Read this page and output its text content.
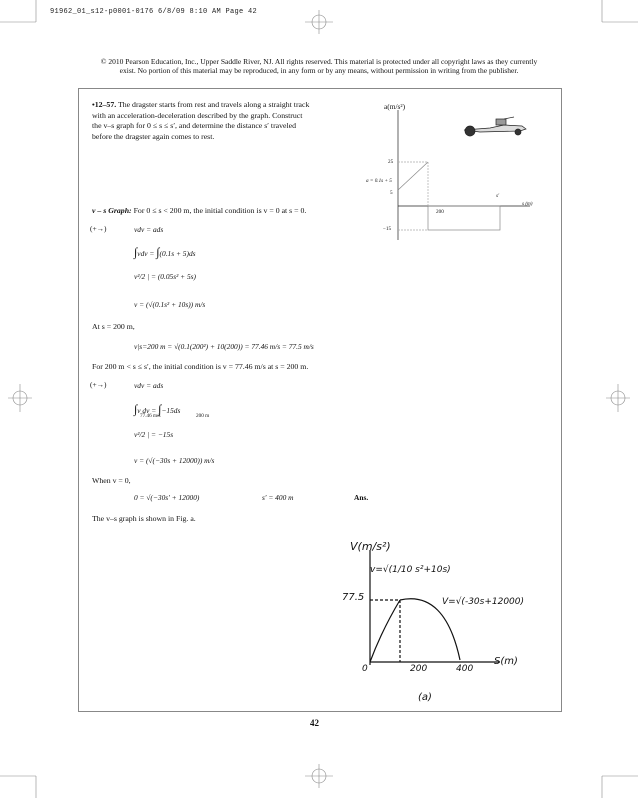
91962_01_s12-p0001-0176 6/8/09 8:10 AM Page 42
© 2010 Pearson Education, Inc., Upper Saddle River, NJ. All rights reserved. This material is protected under all copyright laws as they currently
exist. No portion of this material may be reproduced, in any form or by any means, without permission in writing from the publisher.
•12–57. The dragster starts from rest and travels along a straight track with an acceleration-deceleration described by the graph. Construct the v–s graph for 0 ≤ s ≤ s′, and determine the distance s′ traveled before the dragster again comes to rest.
a(m/s²)
25
a = 0.1s + 5
5
−15
200
s′
s (m)
v – s Graph: For 0 ≤ s < 200 m, the initial condition is v = 0 at s = 0.
(+→)	vdv = ads
∫vdv = ∫(0.1s + 5)ds
v²/2 | = (0.05s² + 5s)
v = (√(0.1s² + 10s)) m/s
At s = 200 m,
v|s=200 m = √(0.1(200²) + 10(200)) = 77.46 m/s = 77.5 m/s
For 200 m < s ≤ s′, the initial condition is v = 77.46 m/s at s = 200 m.
(+→)	vdv = ads
∫v dv = ∫−15ds
77.46 m/s	200 m
v²/2 | = −15s
v = (√(−30s + 12000)) m/s
When v = 0,
0 = √(−30s′ + 12000)	s′ = 400 m	Ans.
The v–s graph is shown in Fig. a.
V(m/s²)
v=√(1/10 s²+10s)
V=√(-30s+12000)
77.5
0	200	400
S(m)
(a)
42
